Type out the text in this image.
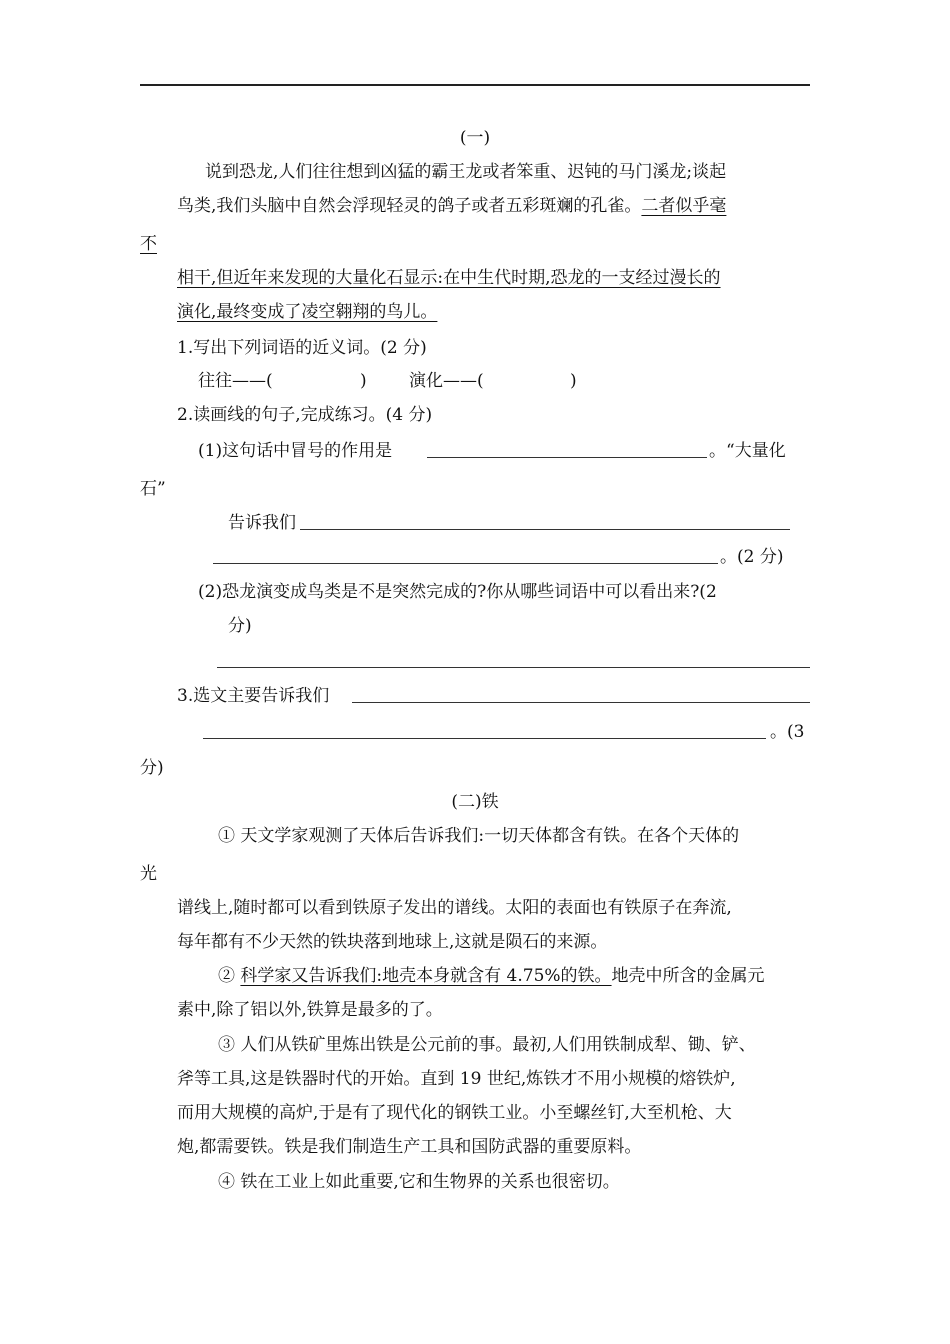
(一)
说到恐龙,人们往往想到凶猛的霸王龙或者笨重、迟钝的马门溪龙;谈起
鸟类,我们头脑中自然会浮现轻灵的鸽子或者五彩斑斓的孔雀。二者似乎毫
不
相干,但近年来发现的大量化石显示:在中生代时期,恐龙的一支经过漫长的
演化,最终变成了凌空翱翔的鸟儿。
1.写出下列词语的近义词。(2 分)
往往——(	) 演化——(	)
2.读画线的句子,完成练习。(4 分)
(1)这句话中冒号的作用是	。“大量化
石”
告诉我们
。(2 分)
(2)恐龙演变成鸟类是不是突然完成的?你从哪些词语中可以看出来?(2
分)
3.选文主要告诉我们
。(3
分)
(二)铁
① 天文学家观测了天体后告诉我们:一切天体都含有铁。在各个天体的
光
谱线上,随时都可以看到铁原子发出的谱线。太阳的表面也有铁原子在奔流,
每年都有不少天然的铁块落到地球上,这就是陨石的来源。
② 科学家又告诉我们:地壳本身就含有 4.75%的铁。地壳中所含的金属元
素中,除了铝以外,铁算是最多的了。
③ 人们从铁矿里炼出铁是公元前的事。最初,人们用铁制成犁、锄、铲、
斧等工具,这是铁器时代的开始。直到 19 世纪,炼铁才不用小规模的熔铁炉,
而用大规模的高炉,于是有了现代化的钢铁工业。小至螺丝钉,大至机枪、大
炮,都需要铁。铁是我们制造生产工具和国防武器的重要原料。
④ 铁在工业上如此重要,它和生物界的关系也很密切。
